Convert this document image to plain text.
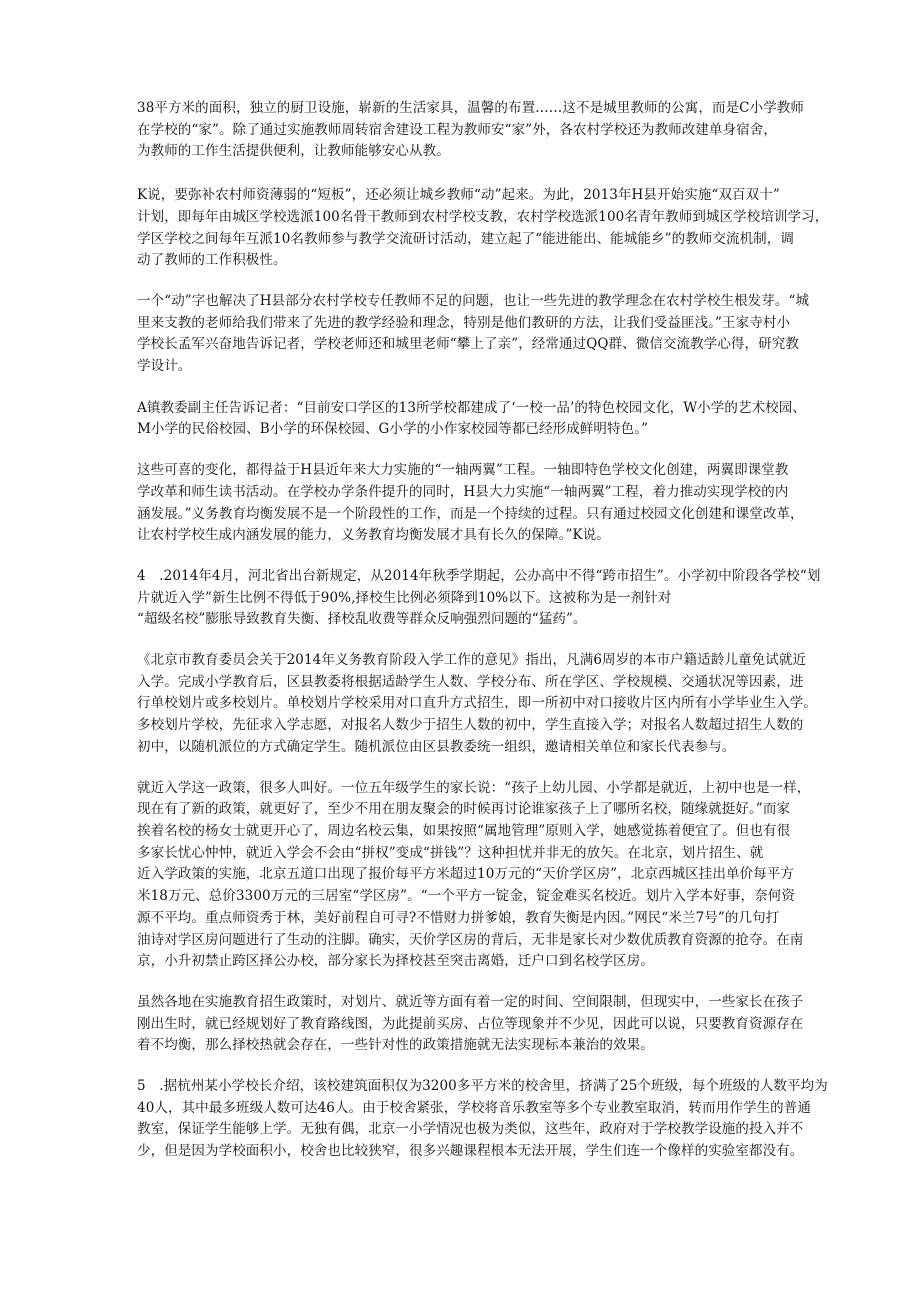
38平方米的面积，独立的厨卫设施，崭新的生活家具，温馨的布置……这不是城里教师的公寓，而是C小学教师
在学校的“家”。除了通过实施教师周转宿舍建设工程为教师安“家”外，各农村学校还为教师改建单身宿舍，
为教师的工作生活提供便利，让教师能够安心从教。

K说，要弥补农村师资薄弱的“短板”，还必须让城乡教师“动”起来。为此，2013年H县开始实施“双百双十”
计划，即每年由城区学校选派100名骨干教师到农村学校支教，农村学校选派100名青年教师到城区学校培训学习，
学区学校之间每年互派10名教师参与教学交流研讨活动，建立起了“能进能出、能城能乡”的教师交流机制，调
动了教师的工作积极性。

一个“动”字也解决了H县部分农村学校专任教师不足的问题，也让一些先进的教学理念在农村学校生根发芽。“城
里来支教的老师给我们带来了先进的教学经验和理念，特别是他们教研的方法，让我们受益匪浅。”王家寺村小
学校长孟军兴奋地告诉记者，学校老师还和城里老师“攀上了亲”，经常通过QQ群、微信交流教学心得，研究教
学设计。

A镇教委副主任告诉记者：“目前安口学区的13所学校都建成了‘一校一品’的特色校园文化，W小学的艺术校园、
M小学的民俗校园、B小学的环保校园、G小学的小作家校园等都已经形成鲜明特色。”

这些可喜的变化，都得益于H县近年来大力实施的“一轴两翼”工程。一轴即特色学校文化创建，两翼即课堂教
学改革和师生读书活动。在学校办学条件提升的同时，H县大力实施“一轴两翼”工程，着力推动实现学校的内
涵发展。”义务教育均衡发展不是一个阶段性的工作，而是一个持续的过程。只有通过校园文化创建和课堂改革，
让农村学校生成内涵发展的能力，义务教育均衡发展才具有长久的保障。”K说。

4　.2014年4月，河北省出台新规定，从2014年秋季学期起，公办高中不得“跨市招生”。小学初中阶段各学校“划
片就近入学”新生比例不得低于90%,择校生比例必须降到10%以下。这被称为是一剂针对
“超级名校”膨胀导致教育失衡、择校乱收费等群众反响强烈问题的“猛药”。

《北京市教育委员会关于2014年义务教育阶段入学工作的意见》指出，凡满6周岁的本市户籍适龄儿童免试就近
入学。完成小学教育后，区县教委将根据适龄学生人数、学校分布、所在学区、学校规模、交通状况等因素，进
行单校划片或多校划片。单校划片学校采用对口直升方式招生，即一所初中对口接收片区内所有小学毕业生入学。
多校划片学校，先征求入学志愿，对报名人数少于招生人数的初中，学生直接入学；对报名人数超过招生人数的
初中，以随机派位的方式确定学生。随机派位由区县教委统一组织，邀请相关单位和家长代表参与。

就近入学这一政策，很多人叫好。一位五年级学生的家长说：“孩子上幼儿园、小学都是就近，上初中也是一样，
现在有了新的政策，就更好了，至少不用在朋友聚会的时候再讨论谁家孩子上了哪所名校，随缘就挺好。”而家
挨着名校的杨女士就更开心了，周边名校云集，如果按照“属地管理”原则入学，她感觉拣着便宜了。但也有很
多家长忧心忡忡，就近入学会不会由“拼权”变成“拼钱”？这种担忧并非无的放矢。在北京，划片招生、就
近入学政策的实施，北京五道口出现了报价每平方米超过10万元的“天价学区房”，北京西城区挂出单价每平方
米18万元、总价3300万元的三居室“学区房”。“一个平方一锭金，锭金难买名校近。划片入学本好事，奈何资
源不平均。重点师资秀于林，美好前程自可寻?不惜财力拼爹娘，教育失衡是内因。”网民“米兰7号”的几句打
油诗对学区房问题进行了生动的注脚。确实，天价学区房的背后，无非是家长对少数优质教育资源的抢夺。在南
京，小升初禁止跨区择公办校，部分家长为择校甚至突击离婚，迁户口到名校学区房。

虽然各地在实施教育招生政策时，对划片、就近等方面有着一定的时间、空间限制，但现实中，一些家长在孩子
刚出生时，就已经规划好了教育路线图，为此提前买房、占位等现象并不少见，因此可以说，只要教育资源存在
着不均衡，那么择校热就会存在，一些针对性的政策措施就无法实现标本兼治的效果。

5　.据杭州某小学校长介绍，该校建筑面积仅为3200多平方米的校舍里，挤满了25个班级，每个班级的人数平均为
40人，其中最多班级人数可达46人。由于校舍紧张，学校将音乐教室等多个专业教室取消，转而用作学生的普通
教室，保证学生能够上学。无独有偶，北京一小学情况也极为类似，这些年，政府对于学校教学设施的投入并不
少，但是因为学校面积小，校舍也比较狭窄，很多兴趣课程根本无法开展，学生们连一个像样的实验室都没有。
